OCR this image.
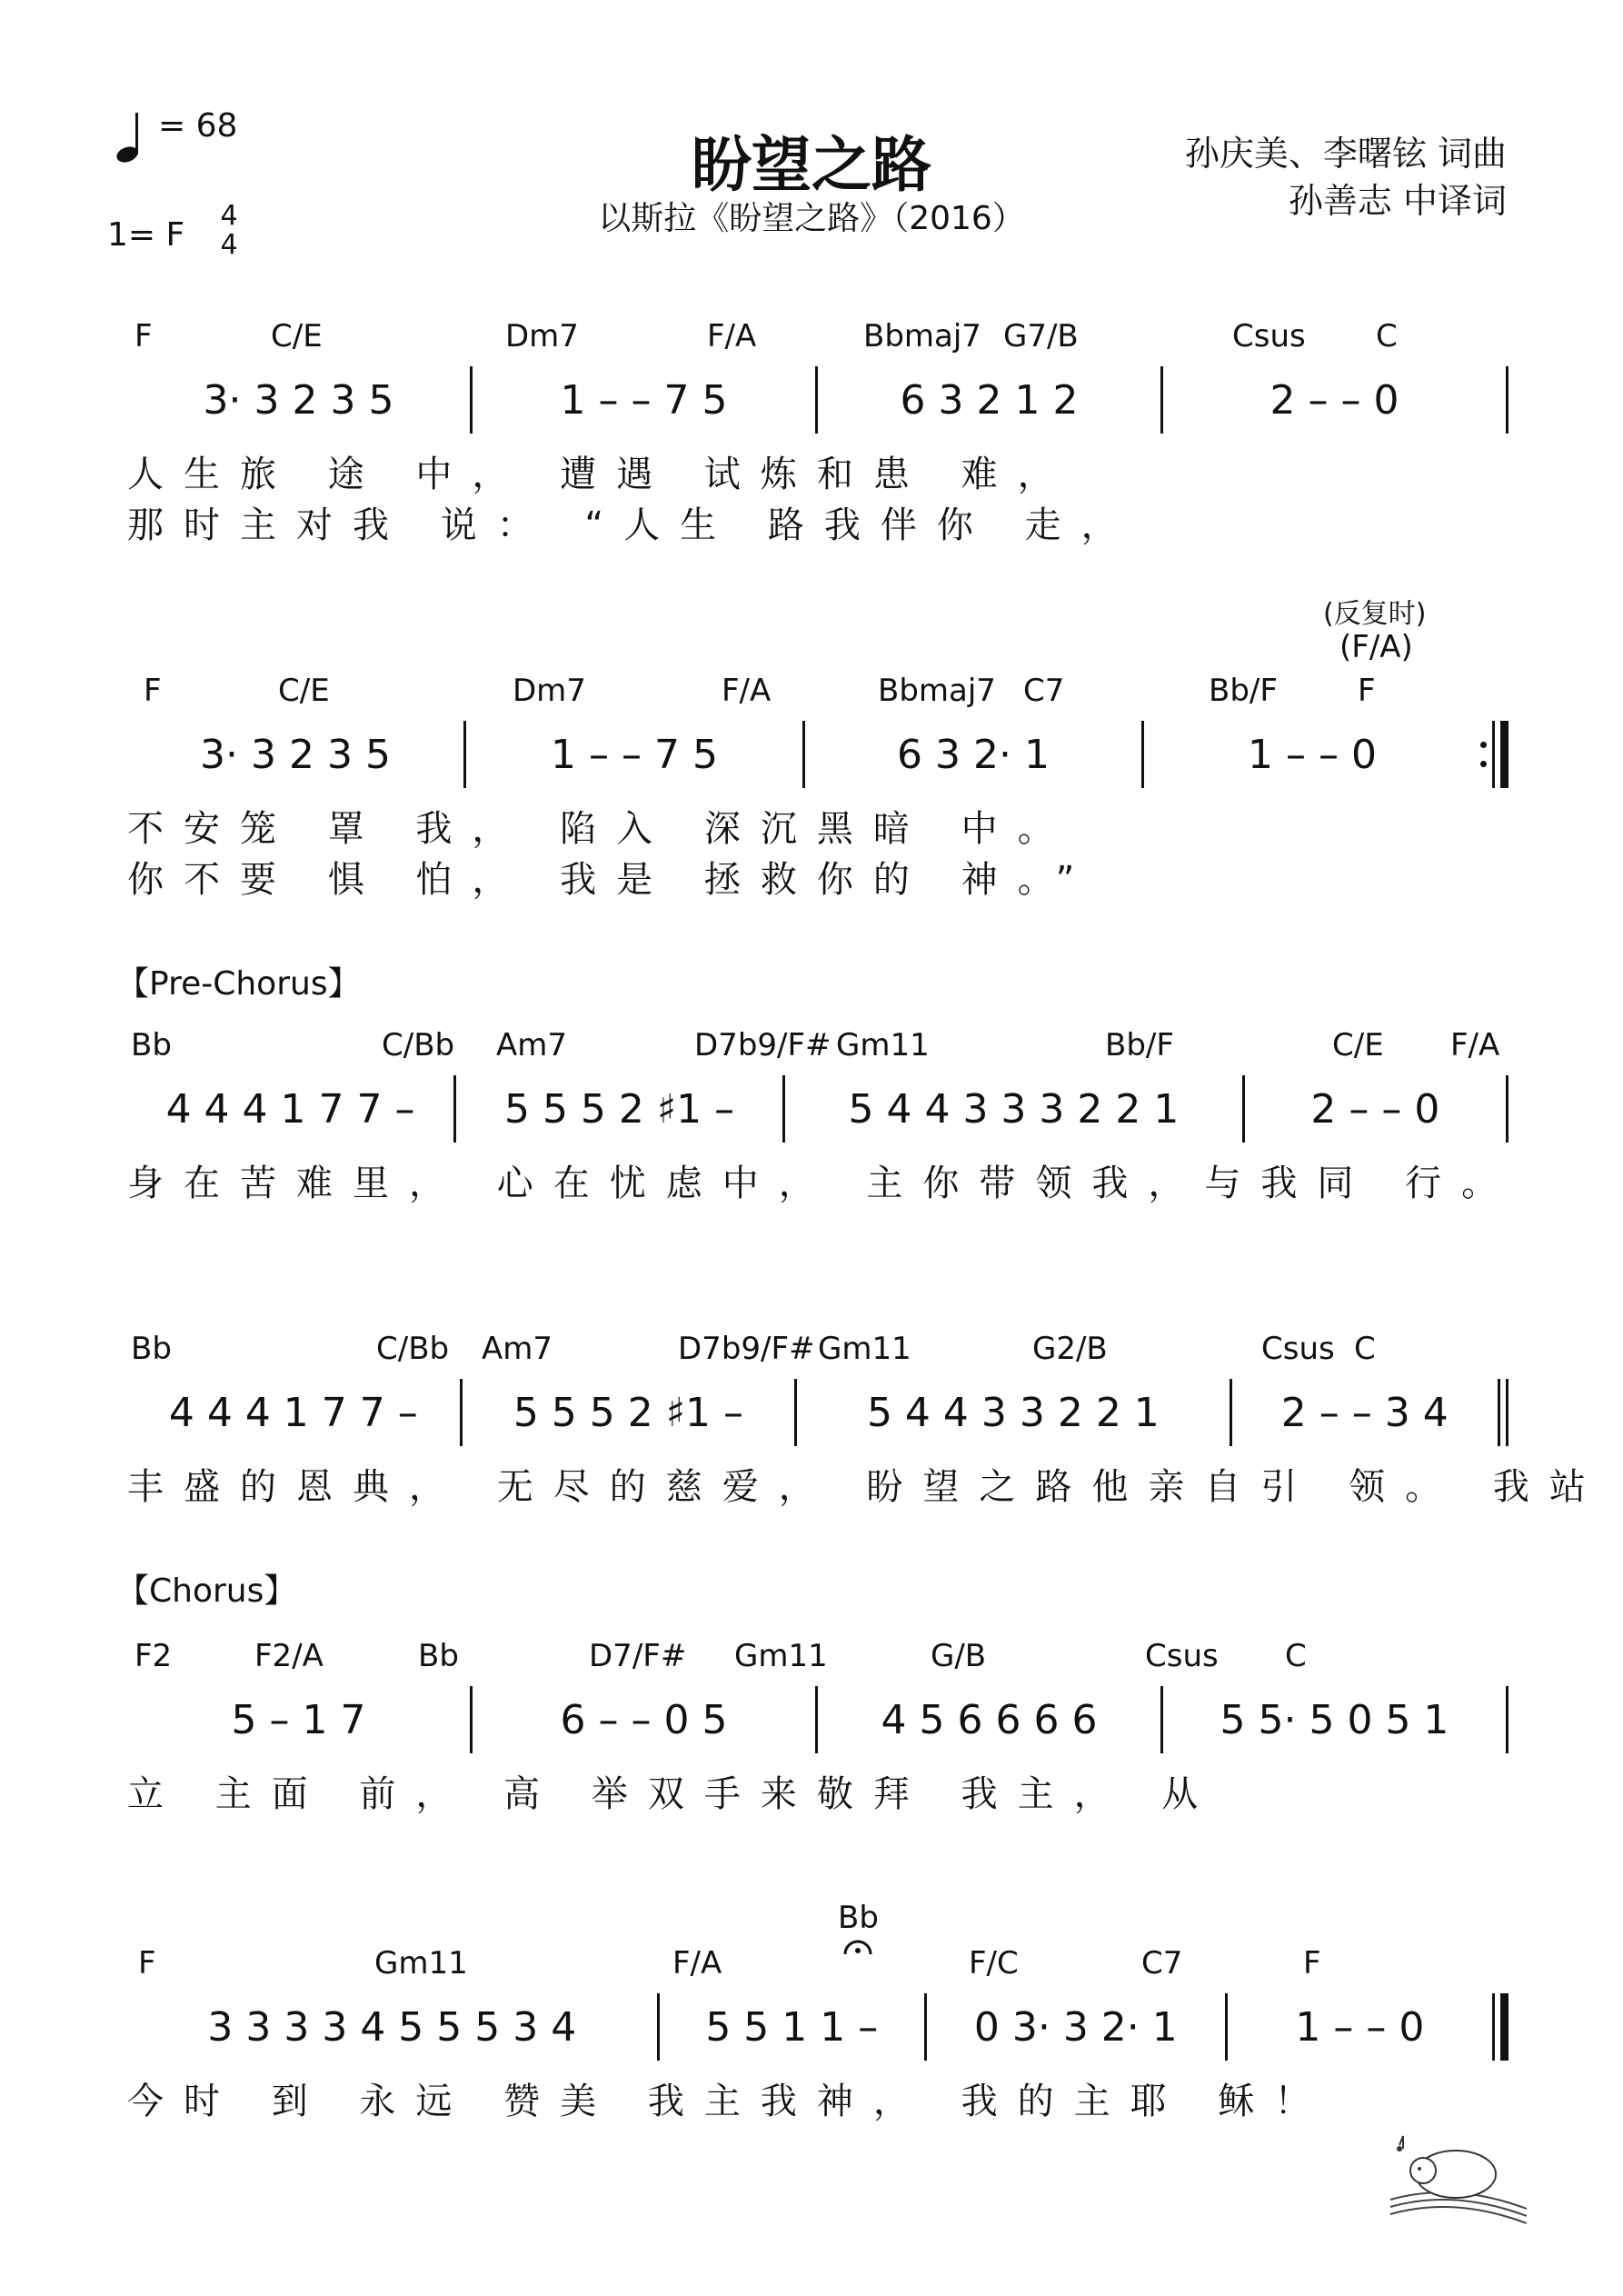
= 68
1= F
4
4
盼望之路
以斯拉《盼望之路》（2016）
孙庆美、李曙铉 词曲
孙善志 中译词
F	C/E	Dm7	F/A	Bbmaj7 G7/B	Csus C
3· 3 2 3 5	1 – – 7 5	6 3 2 1 2	2 – – 0
人生旅 途 中， 遭遇 试炼和患 难，
那时主对我 说： “人生 路我伴你 走，
(反复时)
(F/A)
F	C/E	Dm7	F/A	Bbmaj7 C7	Bb/F	F
3· 3 2 3 5	1 – – 7 5	6 3 2· 1	1 – – 0
不安笼 罩 我， 陷入 深沉黑暗 中。
你不要 惧 怕， 我是 拯救你的 神。”
【Pre-Chorus】
Bb	C/Bb Am7	D7b9/F# Gm11	Bb/F	C/E F/A
4 4 4 1 7 7 –	5 5 5 2 ♯1 –	5 4 4 3 3 3 2 2 1	2 – – 0
身在苦难里， 心在忧虑中， 主你带领我，与我同 行。
Bb	C/Bb Am7	D7b9/F# Gm11	G2/B	Csus C
4 4 4 1 7 7 –	5 5 5 2 ♯1 –	5 4 4 3 3 2 2 1	2 – – 3 4
丰盛的恩典， 无尽的慈爱， 盼望之路他亲自引 领。 我站
【Chorus】
F2	F2/A	Bb	D7/F# Gm11	G/B	Csus C
5 – 1 7	6 – – 0 5	4 5 6 6 6 6	5 5· 5 0 5 1
立 主面 前， 高 举双手来敬拜 我主， 从
F	Gm11	F/A
Bb
F/C	C7	F
3 3 3 3 4 5 5 5 3 4	5 5 1 1 –	0 3· 3 2· 1	1 – – 0
今时 到 永远 赞美 我主我神， 我的主耶 稣！
